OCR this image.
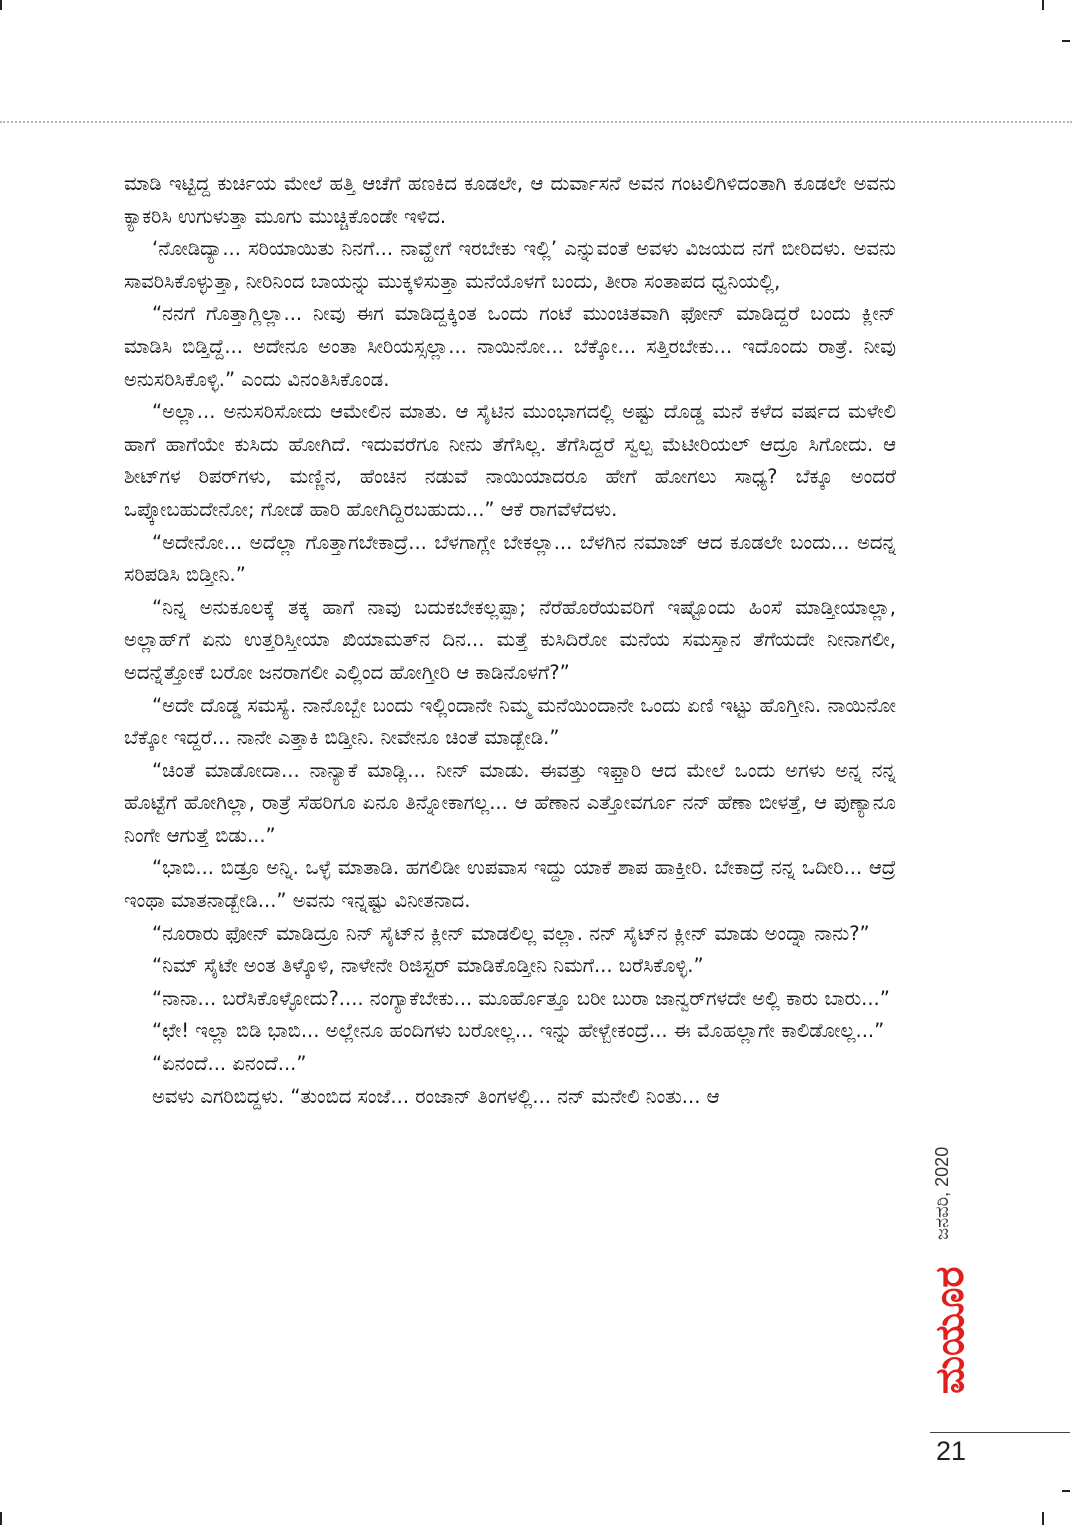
ಮಾಡಿ ಇಟ್ಟಿದ್ದ ಕುರ್ಚಿಯ ಮೇಲೆ ಹತ್ತಿ ಆಚೆಗೆ ಹಣಕಿದ ಕೂಡಲೇ, ಆ ದುರ್ವಾಸನೆ ಅವನ ಗಂಟಲಿಗಿಳಿದಂತಾಗಿ ಕೂಡಲೇ ಅವನು ಕ್ಯಾಕರಿಸಿ ಉಗುಳುತ್ತಾ ಮೂಗು ಮುಚ್ಚಿಕೊಂಡೇ ಇಳಿದ.

‘ನೋಡಿದ್ಯಾ... ಸರಿಯಾಯಿತು ನಿನಗೆ... ನಾವ್ಹೇಗೆ ಇರಬೇಕು ಇಲ್ಲಿ’ ಎನ್ನುವಂತೆ ಅವಳು ವಿಜಯದ ನಗೆ ಬೀರಿದಳು. ಅವನು ಸಾವರಿಸಿಕೊಳ್ಳುತ್ತಾ, ನೀರಿನಿಂದ ಬಾಯನ್ನು ಮುಕ್ಕಳಿಸುತ್ತಾ ಮನೆಯೊಳಗೆ ಬಂದು, ತೀರಾ ಸಂತಾಪದ ಧ್ವನಿಯಲ್ಲಿ,

“ನನಗೆ ಗೊತ್ತಾಗ್ಲಿಲ್ಲಾ... ನೀವು ಈಗ ಮಾಡಿದ್ದಕ್ಕಿಂತ ಒಂದು ಗಂಟೆ ಮುಂಚಿತವಾಗಿ ಫೋನ್ ಮಾಡಿದ್ದರೆ ಬಂದು ಕ್ಲೀನ್ ಮಾಡಿಸಿ ಬಿಡ್ತಿದ್ದೆ... ಅದೇನೂ ಅಂತಾ ಸೀರಿಯಸ್ಸಲ್ಲಾ... ನಾಯಿನೋ... ಬೆಕ್ಕೋ... ಸತ್ತಿರಬೇಕು... ಇದೊಂದು ರಾತ್ರೆ. ನೀವು ಅನುಸರಿಸಿಕೊಳ್ಳಿ.” ಎಂದು ವಿನಂತಿಸಿಕೊಂಡ.

“ಅಲ್ಲಾ... ಅನುಸರಿಸೋದು ಆಮೇಲಿನ ಮಾತು. ಆ ಸೈಟಿನ ಮುಂಭಾಗದಲ್ಲಿ ಅಷ್ಟು ದೊಡ್ಡ ಮನೆ ಕಳೆದ ವರ್ಷದ ಮಳೇಲಿ ಹಾಗೆ ಹಾಗೆಯೇ ಕುಸಿದು ಹೋಗಿದೆ. ಇದುವರೆಗೂ ನೀನು ತೆಗೆಸಿಲ್ಲ. ತೆಗೆಸಿದ್ದರೆ ಸ್ವಲ್ಪ ಮೆಟೀರಿಯಲ್ ಆದ್ರೂ ಸಿಗೋದು. ಆ ಶೀಟ್‌ಗಳ ರಿಪರ್‌ಗಳು, ಮಣ್ಣಿನ, ಹೆಂಚಿನ ನಡುವೆ ನಾಯಿಯಾದರೂ ಹೇಗೆ ಹೋಗಲು ಸಾಧ್ಯ? ಬೆಕ್ಕೂ ಅಂದರೆ ಒಪ್ಕೋಬಹುದೇನೋ; ಗೋಡೆ ಹಾರಿ ಹೋಗಿದ್ದಿರಬಹುದು...” ಆಕೆ ರಾಗವೆಳೆದಳು.

“ಅದೇನೋ... ಅದೆಲ್ಲಾ ಗೊತ್ತಾಗಬೇಕಾದ್ರೆ... ಬೆಳಗಾಗ್ಲೇ ಬೇಕಲ್ಲಾ... ಬೆಳಗಿನ ನಮಾಜ್ ಆದ ಕೂಡಲೇ ಬಂದು... ಅದನ್ನ ಸರಿಪಡಿಸಿ ಬಿಡ್ತೀನಿ.”

“ನಿನ್ನ ಅನುಕೂಲಕ್ಕೆ ತಕ್ಕ ಹಾಗೆ ನಾವು ಬದುಕಬೇಕಲ್ಲಪ್ಪಾ; ನೆರೆಹೊರೆಯವರಿಗೆ ಇಷ್ಟೊಂದು ಹಿಂಸೆ ಮಾಡ್ತೀಯಾಲ್ಲಾ, ಅಲ್ಲಾಹ್‌ಗೆ ಏನು ಉತ್ತರಿಸ್ತೀಯಾ ಖಿಯಾಮತ್‌ನ ದಿನ... ಮತ್ತೆ ಕುಸಿದಿರೋ ಮನೆಯ ಸಮಸ್ತಾನ ತೆಗೆಯದೇ ನೀನಾಗಲೀ, ಅದನ್ನೆತ್ತೋಕೆ ಬರೋ ಜನರಾಗಲೀ ಎಲ್ಲಿಂದ ಹೋಗ್ತೀರಿ ಆ ಕಾಡಿನೊಳಗೆ?”

“ಅದೇ ದೊಡ್ಡ ಸಮಸ್ಯೆ. ನಾನೊಬ್ಬೇ ಬಂದು ಇಲ್ಲಿಂದಾನೇ ನಿಮ್ಮ ಮನೆಯಿಂದಾನೇ ಒಂದು ಏಣಿ ಇಟ್ಟು ಹೊಗ್ತೀನಿ. ನಾಯಿನೋ ಬೆಕ್ಕೋ ಇದ್ದರೆ... ನಾನೇ ಎತ್ತಾಕಿ ಬಿಡ್ತೀನಿ. ನೀವೇನೂ ಚಿಂತೆ ಮಾಡ್ಬೇಡಿ.”

“ಚಿಂತೆ ಮಾಡೋದಾ... ನಾನ್ಯಾಕೆ ಮಾಡ್ಲಿ... ನೀನ್ ಮಾಡು. ಈವತ್ತು ಇಫ್ತಾರಿ ಆದ ಮೇಲೆ ಒಂದು ಅಗಳು ಅನ್ನ ನನ್ನ ಹೊಟ್ಟೆಗೆ ಹೋಗಿಲ್ಲಾ, ರಾತ್ರೆ ಸೆಹರಿಗೂ ಏನೂ ತಿನ್ನೋಕಾಗಲ್ಲ... ಆ ಹೆಣಾನ ಎತ್ತೋವರ್ಗೂ ನನ್ ಹೆಣಾ ಬೀಳತ್ತೆ, ಆ ಪುಣ್ಯಾನೂ ನಿಂಗೇ ಆಗುತ್ತೆ ಬಿಡು...”

“ಭಾಬಿ... ಬಿಡ್ರೂ ಅನ್ನಿ. ಒಳ್ಳೆ ಮಾತಾಡಿ. ಹಗಲಿಡೀ ಉಪವಾಸ ಇದ್ದು ಯಾಕೆ ಶಾಪ ಹಾಕ್ತೀರಿ. ಬೇಕಾದ್ರೆ ನನ್ನ ಒದೀರಿ... ಆದ್ರೆ ಇಂಥಾ ಮಾತನಾಡ್ಬೇಡಿ...” ಅವನು ಇನ್ನಷ್ಟು ವಿನೀತನಾದ.

“ನೂರಾರು ಫೋನ್ ಮಾಡಿದ್ರೂ ನಿನ್ ಸೈಟ್‌ನ ಕ್ಲೀನ್ ಮಾಡಲಿಲ್ಲ ವಲ್ಲಾ. ನನ್ ಸೈಟ್‌ನ ಕ್ಲೀನ್ ಮಾಡು ಅಂದ್ನಾ ನಾನು?”

“ನಿಮ್ ಸೈಟೇ ಅಂತ ತಿಳ್ಕೊಳಿ, ನಾಳೇನೇ ರಿಜಿಸ್ಟರ್ ಮಾಡಿಕೊಡ್ತೀನಿ ನಿಮಗೆ... ಬರೆಸಿಕೊಳ್ಳಿ.”

“ನಾನಾ... ಬರೆಸಿಕೊಳ್ಳೋದು?.... ನಂಗ್ಯಾಕೆಬೇಕು... ಮೂರ್ಹೊತ್ತೂ ಬರೀ ಬುರಾ ಜಾನ್ವರ್‌ಗಳದೇ ಅಲ್ಲಿ ಕಾರು ಬಾರು...”

“ಛೇ! ಇಲ್ಲಾ ಬಿಡಿ ಭಾಬಿ... ಅಲ್ಲೇನೂ ಹಂದಿಗಳು ಬರೋಲ್ಲ... ಇನ್ನು ಹೇಳ್ಬೇಕಂದ್ರೆ... ಈ ಮೊಹಲ್ಲಾಗೇ ಕಾಲಿಡೋಲ್ಲ...”

“ಏನಂದೆ... ಏನಂದೆ...”

ಅವಳು ಎಗರಿಬಿದ್ದಳು. “ತುಂಬಿದ ಸಂಜೆ... ರಂಜಾನ್ ತಿಂಗಳಲ್ಲಿ... ನನ್ ಮನೇಲಿ ನಿಂತು... ಆ

ಜನವರಿ, 2020
ಮಯೂರ
21
